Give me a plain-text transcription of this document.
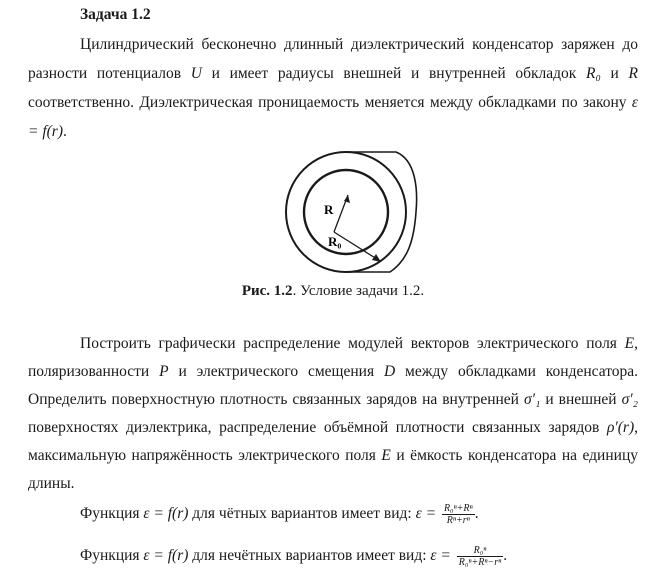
Задача 1.2
Цилиндрический бесконечно длинный диэлектрический конденсатор заряжен до разности потенциалов U и имеет радиусы внешней и внутренней обкладок R₀ и R соответственно. Диэлектрическая проницаемость меняется между обкладками по закону ε = f(r).
R
R₀
Рис. 1.2. Условие задачи 1.2.
Построить графически распределение модулей векторов электрического поля E, поляризованности P и электрического смещения D между обкладками конденсатора. Определить поверхностную плотность связанных зарядов на внутренней σ′₁ и внешней σ′₂ поверхностях диэлектрика, распределение объёмной плотности связанных зарядов ρ′(r), максимальную напряжённость электрического поля E и ёмкость конденсатора на единицу длины.
Функция ε = f(r) для чётных вариантов имеет вид: $\varepsilon = \frac{\text{R₀ⁿ+Rⁿ}}{\text{Rⁿ+rⁿ}}$ .
Функция ε = f(r) для нечётных вариантов имеет вид: $\varepsilon = \frac{\text{R₀ⁿ}}{\text{R₀ⁿ+Rⁿ−rⁿ}}$ .
